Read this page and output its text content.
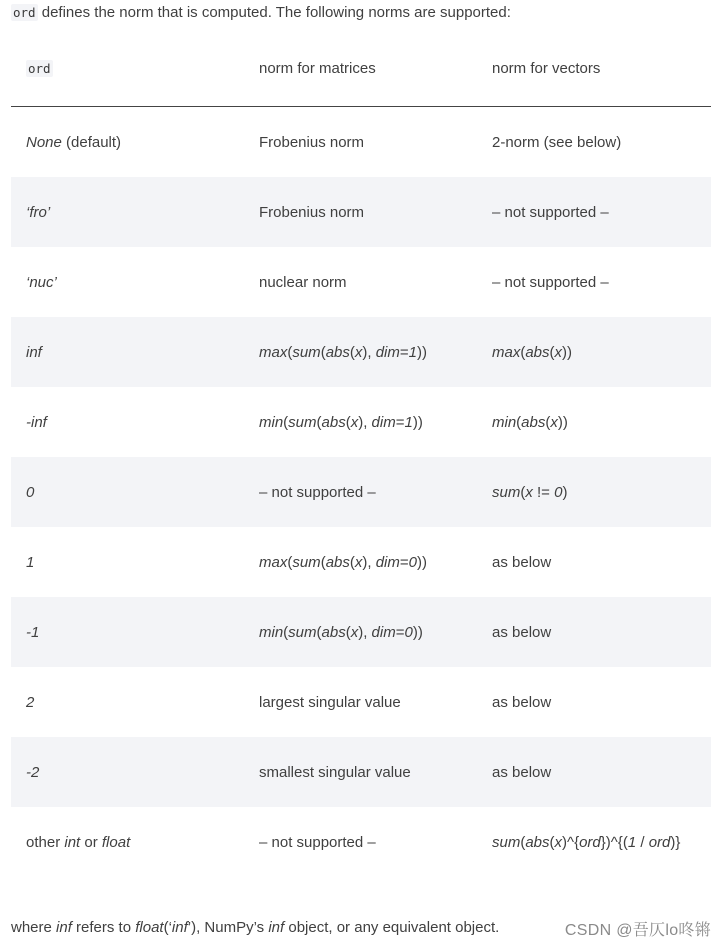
ord defines the norm that is computed. The following norms are supported:
ord	norm for matrices	norm for vectors
None (default)	Frobenius norm	2-norm (see below)
‘fro’	Frobenius norm	– not supported –
‘nuc’	nuclear norm	– not supported –
inf	max(sum(abs(x), dim=1))	max(abs(x))
-inf	min(sum(abs(x), dim=1))	min(abs(x))
0	– not supported –	sum(x != 0)
1	max(sum(abs(x), dim=0))	as below
-1	min(sum(abs(x), dim=0))	as below
2	largest singular value	as below
-2	smallest singular value	as below
other int or float	– not supported –	sum(abs(x)^{ord})^{(1 / ord)}
where inf refers to float(‘inf’), NumPy’s inf object, or any equivalent object.	CSDN @吾仄lo咚锵
